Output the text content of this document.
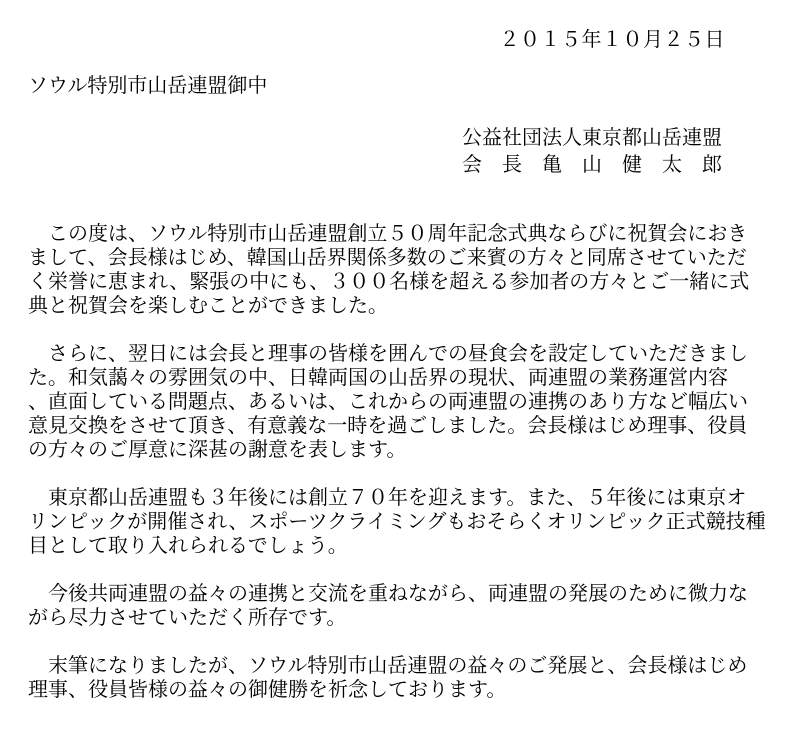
２０１５年１０月２５日

ソウル特別市山岳連盟御中

公益社団法人東京都山岳連盟

会　長　亀　山　健　太　郎

　この度は、ソウル特別市山岳連盟創立５０周年記念式典ならびに祝賀会におき
まして、会長様はじめ、韓国山岳界関係多数のご来賓の方々と同席させていただ
く栄誉に恵まれ、緊張の中にも、３００名様を超える参加者の方々とご一緒に式
典と祝賀会を楽しむことができました。
　さらに、翌日には会長と理事の皆様を囲んでの昼食会を設定していただきまし
た。和気藹々の雰囲気の中、日韓両国の山岳界の現状、両連盟の業務運営内容
、直面している問題点、あるいは、これからの両連盟の連携のあり方など幅広い
意見交換をさせて頂き、有意義な一時を過ごしました。会長様はじめ理事、役員
の方々のご厚意に深甚の謝意を表します。
　東京都山岳連盟も３年後には創立７０年を迎えます。また、５年後には東京オ
リンピックが開催され、スポーツクライミングもおそらくオリンピック正式競技種
目として取り入れられるでしょう。
　今後共両連盟の益々の連携と交流を重ねながら、両連盟の発展のために微力な
がら尽力させていただく所存です。
　末筆になりましたが、ソウル特別市山岳連盟の益々のご発展と、会長様はじめ
理事、役員皆様の益々の御健勝を祈念しております。
